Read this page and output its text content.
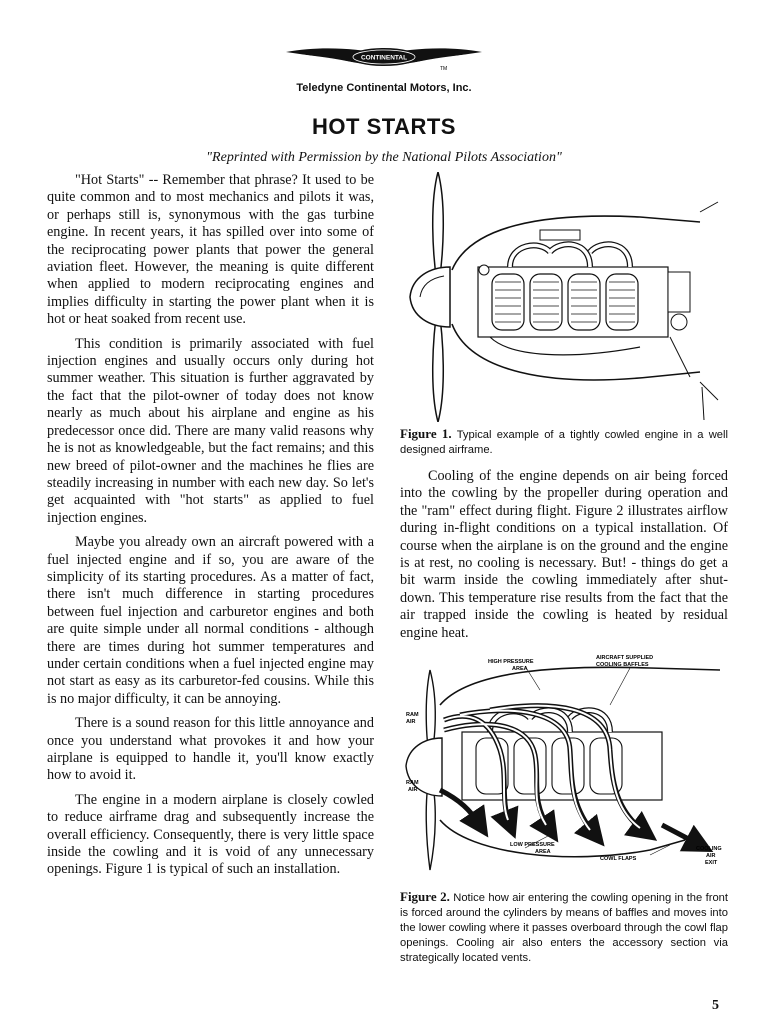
CONTINENTAL
TM
Teledyne Continental Motors, Inc.
HOT STARTS
"Reprinted with Permission by the National Pilots Association"

"Hot Starts" -- Remember that phrase? It used to be quite common and to most mechanics and pilots it was, or perhaps still is, synonymous with the gas turbine engine. In recent years, it has spilled over into some of the reciprocating power plants that power the general aviation fleet. However, the meaning is quite different when applied to modern reciprocating engines and implies difficulty in starting the power plant when it is hot or heat soaked from recent use.

This condition is primarily associated with fuel injection engines and usually occurs only during hot summer weather. This situation is further aggravated by the fact that the pilot-owner of today does not know nearly as much about his airplane and engine as his predecessor once did. There are many valid reasons why he is not as knowledgeable, but the fact remains; and this new breed of pilot-owner and the machines he flies are steadily increasing in number with each new day. So let's get acquainted with "hot starts" as applied to fuel injection engines.

Maybe you already own an aircraft powered with a fuel injected engine and if so, you are aware of the simplicity of its starting procedures. As a matter of fact, there isn't much difference in starting procedures between fuel injection and carburetor engines and both are quite simple under all normal conditions - although there are times during hot summer temperatures and under certain conditions when a fuel injected engine may not start as easy as its carburetor-fed cousins. While this is no major difficulty, it can be annoying.

There is a sound reason for this little annoyance and once you understand what provokes it and how your airplane is equipped to handle it, you'll know exactly how to avoid it.

The engine in a modern airplane is closely cowled to reduce airframe drag and subsequently increase the overall efficiency. Consequently, there is very little space inside the cowling and it is void of any unnecessary openings. Figure 1 is typical of such an installation.

Figure 1. Typical example of a tightly cowled engine in a well designed airframe.

Cooling of the engine depends on air being forced into the cowling by the propeller during operation and the "ram" effect during flight. Figure 2 illustrates airflow during in-flight conditions on a typical installation. Of course when the airplane is on the ground and the engine is at rest, no cooling is necessary. But! - things do get a bit warm inside the cowling immediately after shut-down. This temperature rise results from the fact that the air trapped inside the cowling is heated by residual engine heat.

HIGH PRESSURE
AREA
AIRCRAFT SUPPLIED
COOLING BAFFLES
RAM
AIR
RAM
AIR
LOW PRESSURE
AREA
COWL FLAPS
COOLING
AIR
EXIT

Figure 2. Notice how air entering the cowling opening in the front is forced around the cylinders by means of baffles and moves into the lower cowling where it passes overboard through the cowl flap openings. Cooling air also enters the accessory section via strategically located vents.

5
